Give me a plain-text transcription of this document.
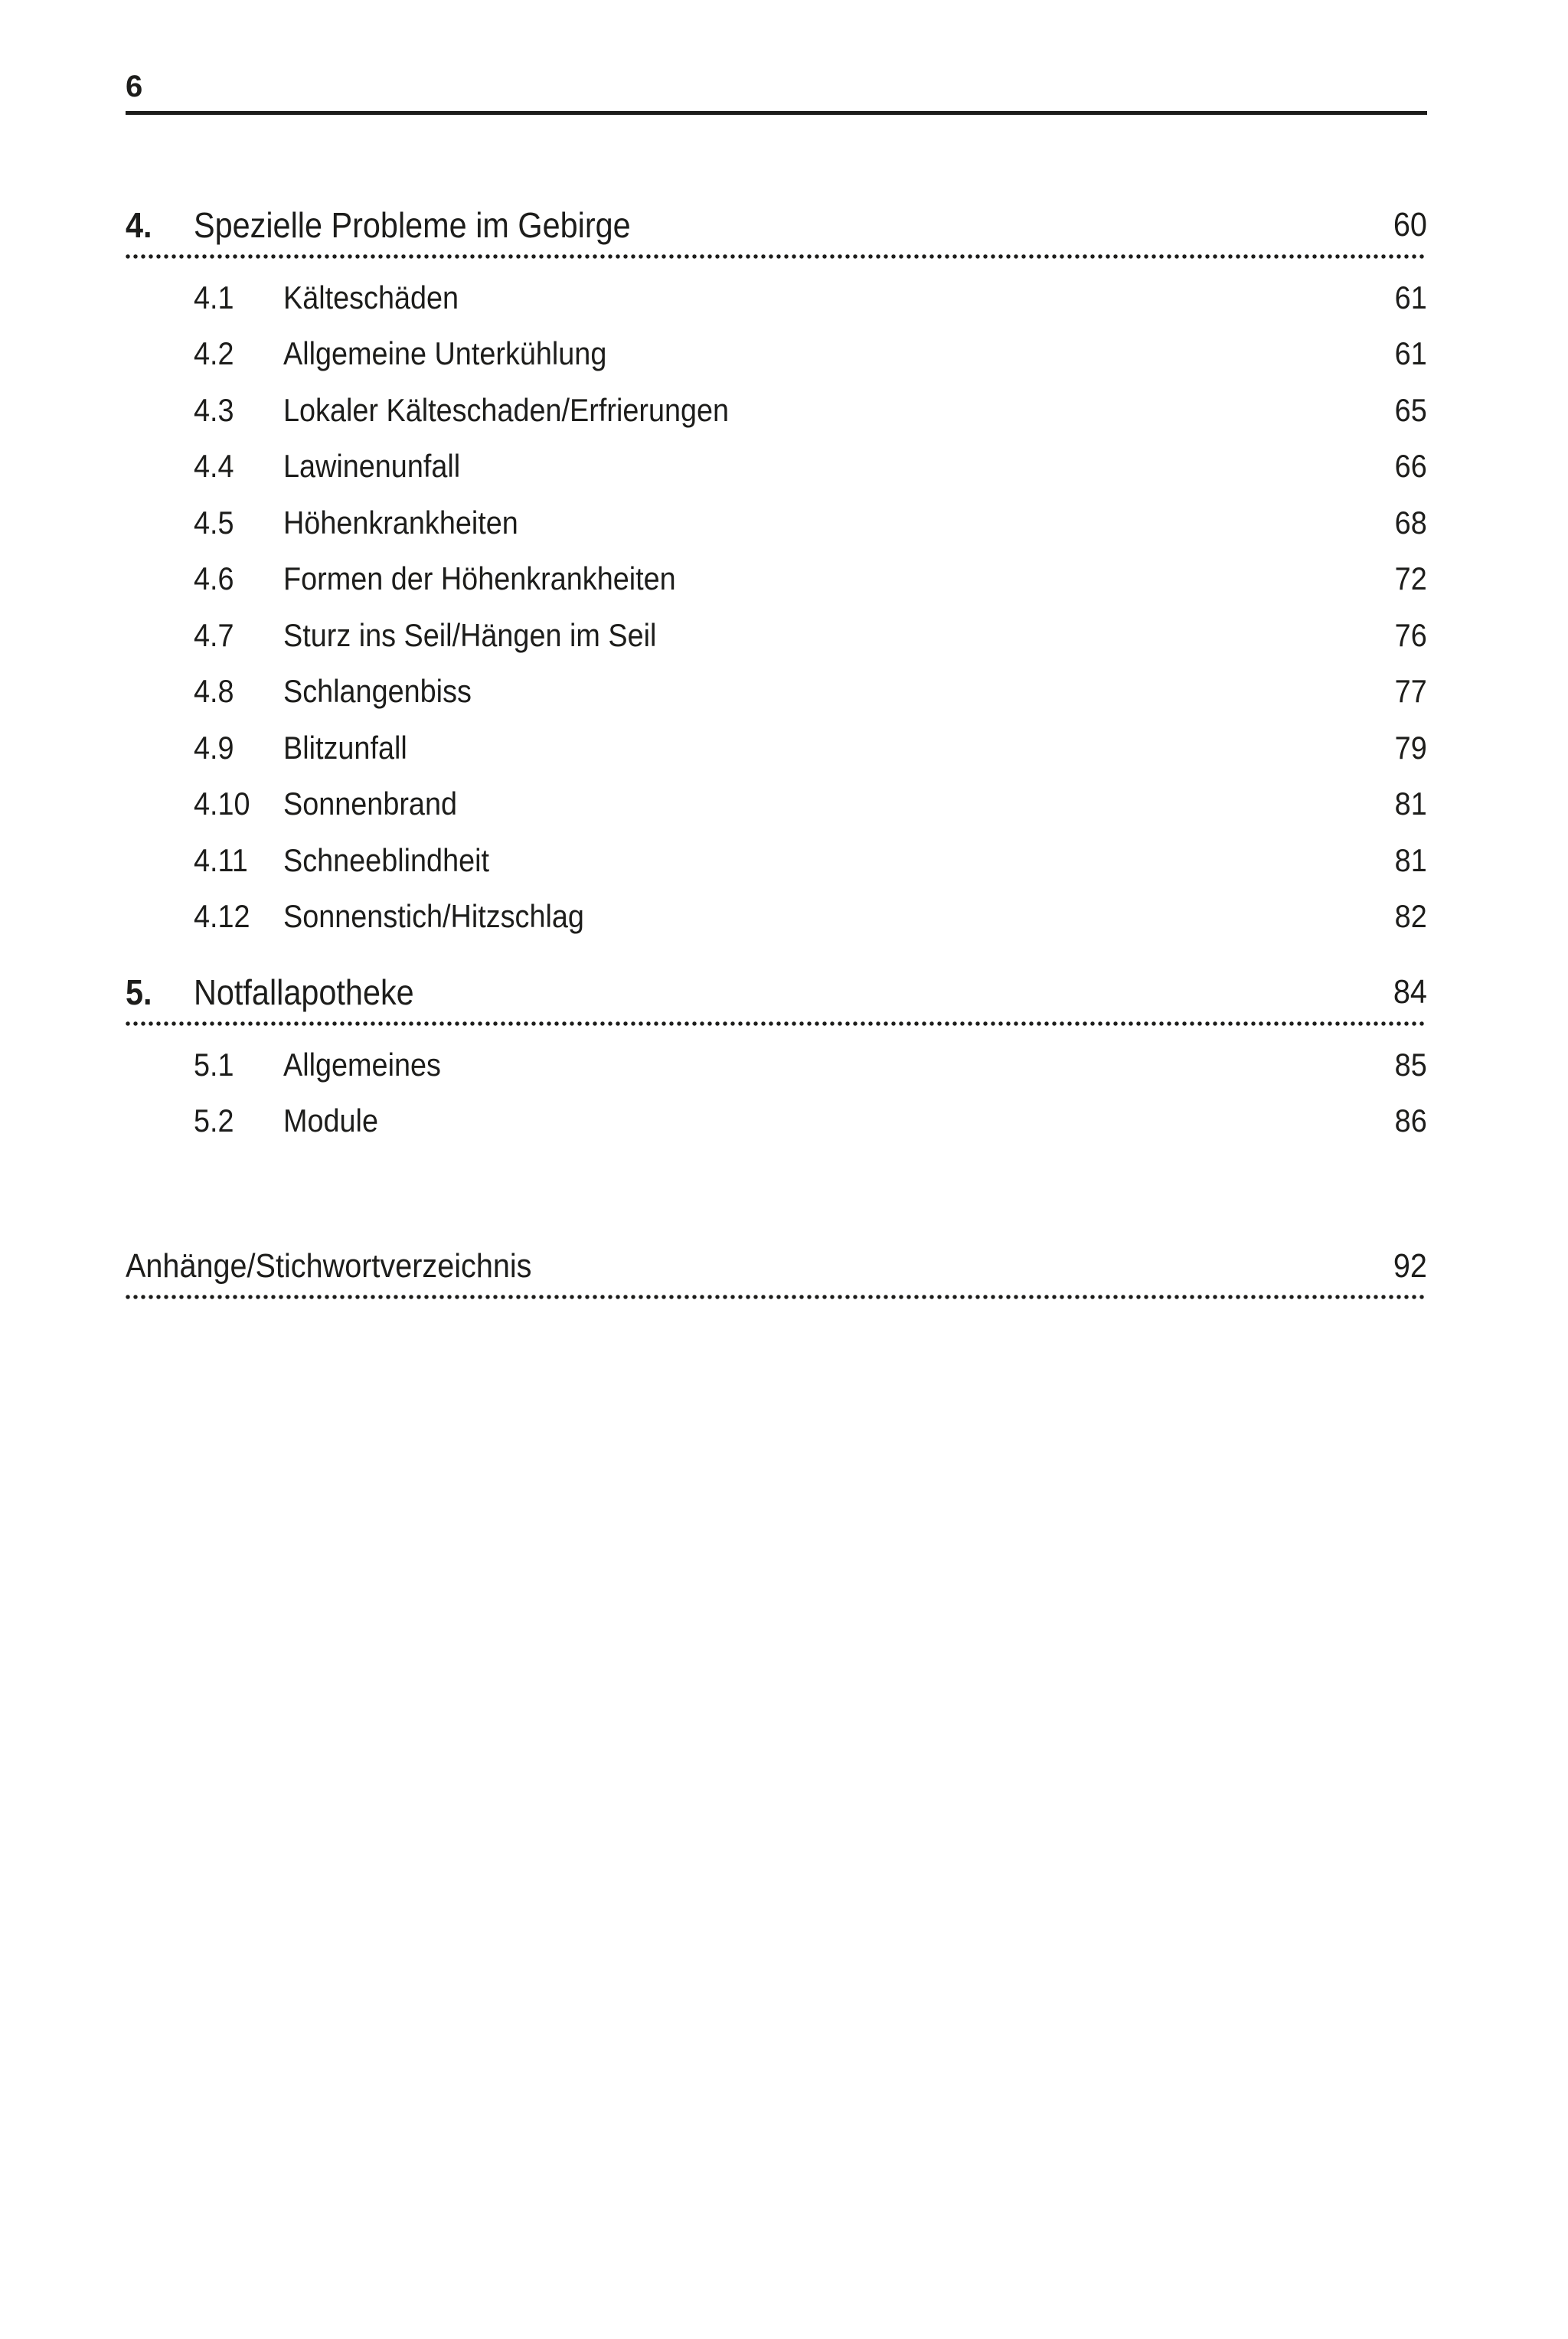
6
4.	Spezielle Probleme im Gebirge	60
4.1	Kälteschäden	61
4.2	Allgemeine Unterkühlung	61
4.3	Lokaler Kälteschaden/Erfrierungen	65
4.4	Lawinenunfall	66
4.5	Höhenkrankheiten	68
4.6	Formen der Höhenkrankheiten	72
4.7	Sturz ins Seil/Hängen im Seil	76
4.8	Schlangenbiss	77
4.9	Blitzunfall	79
4.10	Sonnenbrand	81
4.11	Schneeblindheit	81
4.12	Sonnenstich/Hitzschlag	82
5.	Notfallapotheke	84
5.1	Allgemeines	85
5.2	Module	86
Anhänge/Stichwortverzeichnis	92
